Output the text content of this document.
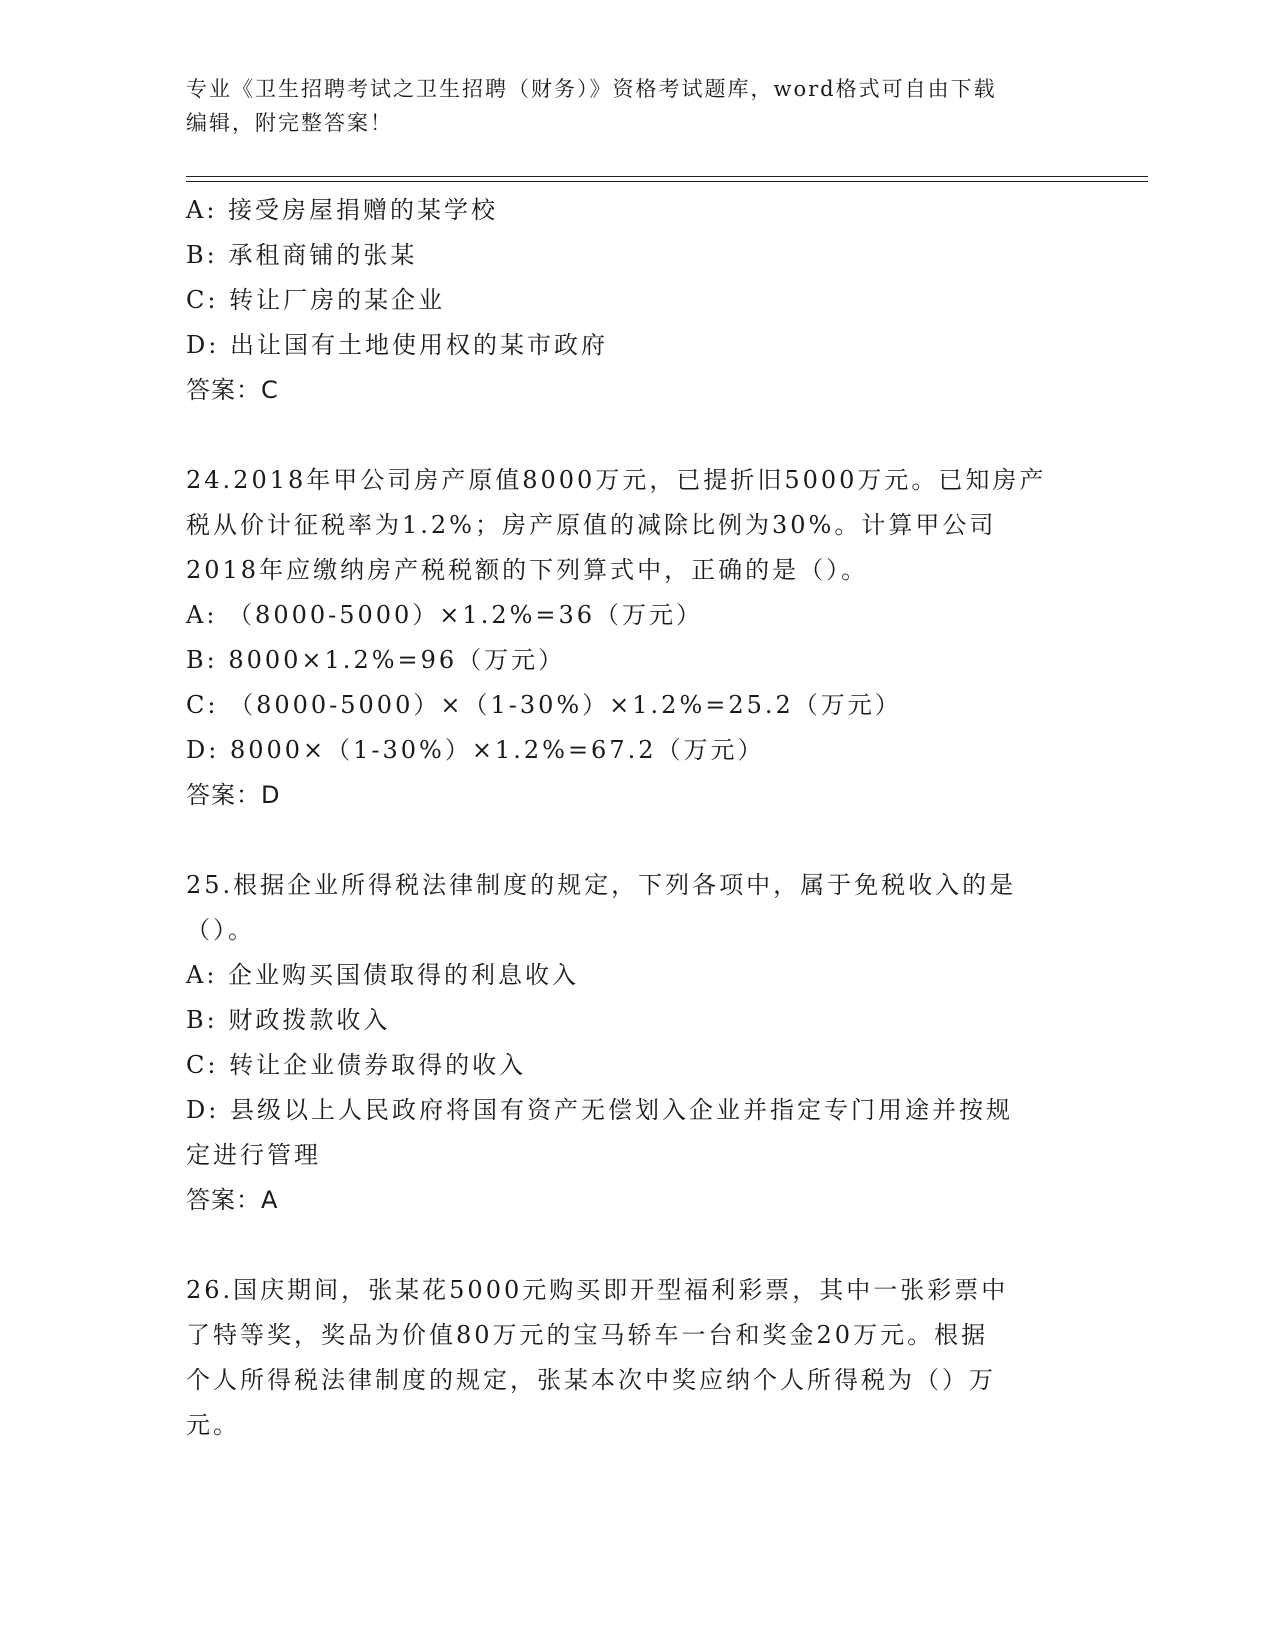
专业《卫生招聘考试之卫生招聘（财务）》资格考试题库，word格式可自由下载
编辑，附完整答案！
A: 接受房屋捐赠的某学校
B: 承租商铺的张某
C: 转让厂房的某企业
D: 出让国有土地使用权的某市政府
答案：C
24.2018年甲公司房产原值8000万元，已提折旧5000万元。已知房产
税从价计征税率为1.2%；房产原值的减除比例为30%。计算甲公司
2018年应缴纳房产税税额的下列算式中，正确的是（）。
A: （8000-5000）×1.2%=36（万元）
B: 8000×1.2%=96（万元）
C: （8000-5000）×（1-30%）×1.2%=25.2（万元）
D: 8000×（1-30%）×1.2%=67.2（万元）
答案：D
25.根据企业所得税法律制度的规定，下列各项中，属于免税收入的是
（）。
A: 企业购买国债取得的利息收入
B: 财政拨款收入
C: 转让企业债券取得的收入
D: 县级以上人民政府将国有资产无偿划入企业并指定专门用途并按规
定进行管理
答案：A
26.国庆期间，张某花5000元购买即开型福利彩票，其中一张彩票中
了特等奖，奖品为价值80万元的宝马轿车一台和奖金20万元。根据
个人所得税法律制度的规定，张某本次中奖应纳个人所得税为（）万
元。
